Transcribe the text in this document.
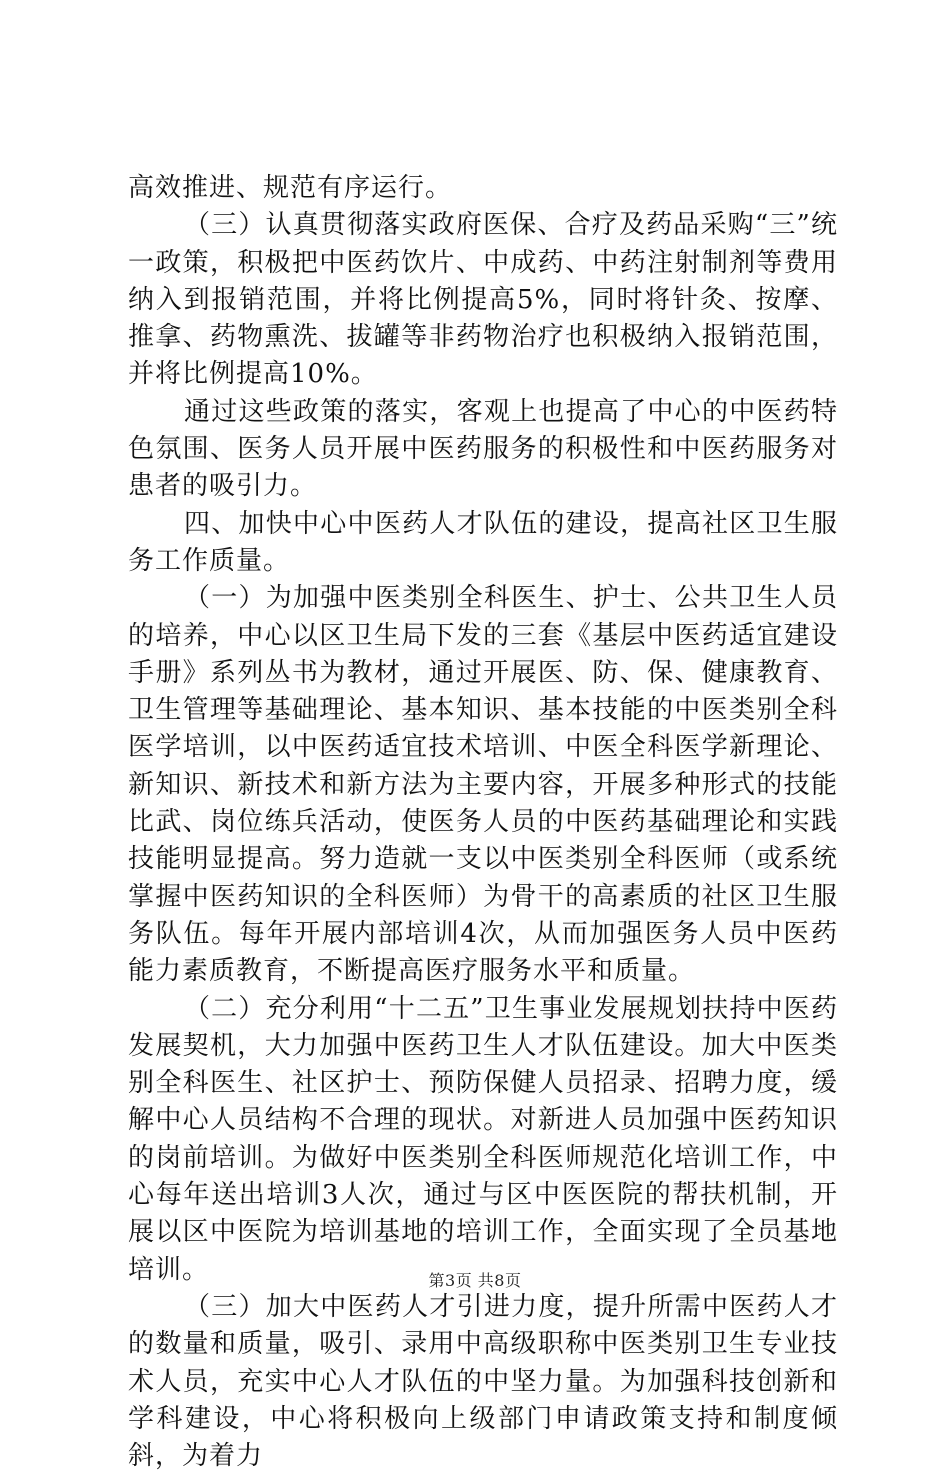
高效推进、规范有序运行。

（三）认真贯彻落实政府医保、合疗及药品采购“三”统一政策，积极把中医药饮片、中成药、中药注射制剂等费用纳入到报销范围，并将比例提高5%，同时将针灸、按摩、推拿、药物熏洗、拔罐等非药物治疗也积极纳入报销范围，并将比例提高10%。

通过这些政策的落实，客观上也提高了中心的中医药特色氛围、医务人员开展中医药服务的积极性和中医药服务对患者的吸引力。

四、加快中心中医药人才队伍的建设，提高社区卫生服务工作质量。

（一）为加强中医类别全科医生、护士、公共卫生人员的培养，中心以区卫生局下发的三套《基层中医药适宜建设手册》系列丛书为教材，通过开展医、防、保、健康教育、卫生管理等基础理论、基本知识、基本技能的中医类别全科医学培训，以中医药适宜技术培训、中医全科医学新理论、新知识、新技术和新方法为主要内容，开展多种形式的技能比武、岗位练兵活动，使医务人员的中医药基础理论和实践技能明显提高。努力造就一支以中医类别全科医师（或系统掌握中医药知识的全科医师）为骨干的高素质的社区卫生服务队伍。每年开展内部培训4次，从而加强医务人员中医药能力素质教育，不断提高医疗服务水平和质量。

（二）充分利用“十二五”卫生事业发展规划扶持中医药发展契机，大力加强中医药卫生人才队伍建设。加大中医类别全科医生、社区护士、预防保健人员招录、招聘力度，缓解中心人员结构不合理的现状。对新进人员加强中医药知识的岗前培训。为做好中医类别全科医师规范化培训工作，中心每年送出培训3人次，通过与区中医医院的帮扶机制，开展以区中医院为培训基地的培训工作，全面实现了全员基地培训。

（三）加大中医药人才引进力度，提升所需中医药人才的数量和质量，吸引、录用中高级职称中医类别卫生专业技术人员，充实中心人才队伍的中坚力量。为加强科技创新和学科建设，中心将积极向上级部门申请政策支持和制度倾斜，为着力

第3页 共8页
